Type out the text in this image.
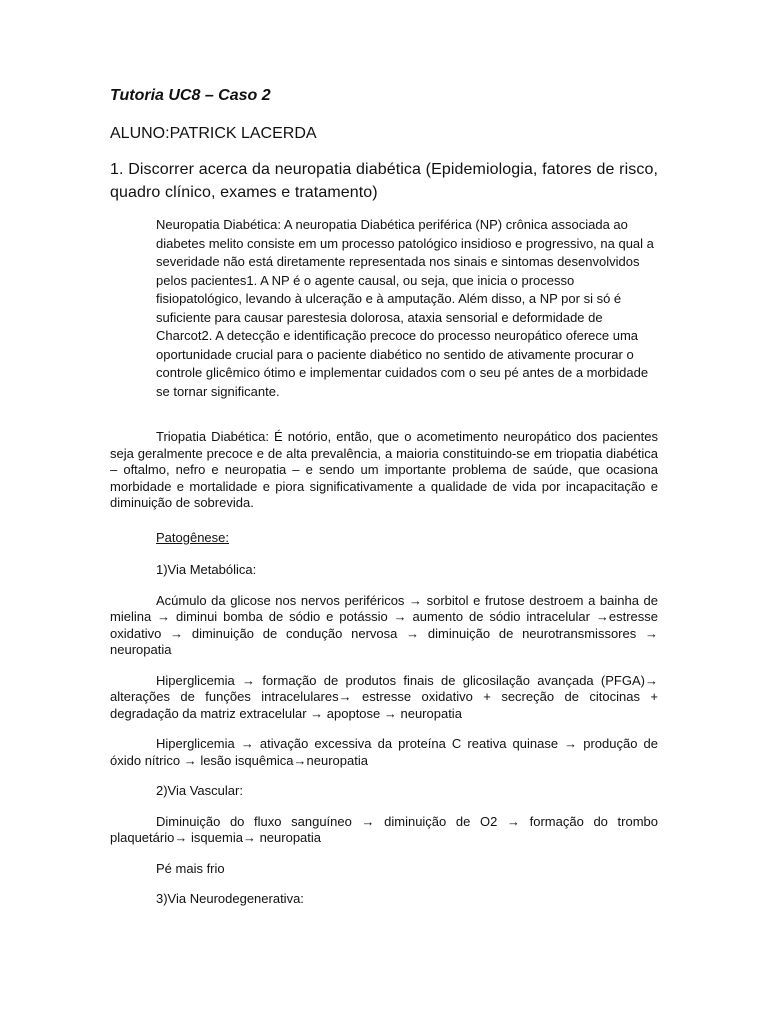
Tutoria UC8 – Caso 2

ALUNO:PATRICK LACERDA

1. Discorrer acerca da neuropatia diabética (Epidemiologia, fatores de risco, quadro clínico, exames e tratamento)

Neuropatia Diabética: A neuropatia Diabética periférica (NP) crônica associada ao diabetes melito consiste em um processo patológico insidioso e progressivo, na qual a severidade não está diretamente representada nos sinais e sintomas desenvolvidos pelos pacientes1. A NP é o agente causal, ou seja, que inicia o processo fisiopatológico, levando à ulceração e à amputação. Além disso, a NP por si só é suficiente para causar parestesia dolorosa, ataxia sensorial e deformidade de Charcot2. A detecção e identificação precoce do processo neuropático oferece uma oportunidade crucial para o paciente diabético no sentido de ativamente procurar o controle glicêmico ótimo e implementar cuidados com o seu pé antes de a morbidade se tornar significante.

Triopatia Diabética: É notório, então, que o acometimento neuropático dos pacientes seja geralmente precoce e de alta prevalência, a maioria constituindo-se em triopatia diabética – oftalmo, nefro e neuropatia – e sendo um importante problema de saúde, que ocasiona morbidade e mortalidade e piora significativamente a qualidade de vida por incapacitação e diminuição de sobrevida.

Patogênese:

1)Via Metabólica:

Acúmulo da glicose nos nervos periféricos → sorbitol e frutose destroem a bainha de mielina → diminui bomba de sódio e potássio → aumento de sódio intracelular →estresse oxidativo → diminuição de condução nervosa → diminuição de neurotransmissores → neuropatia

Hiperglicemia → formação de produtos finais de glicosilação avançada (PFGA)→ alterações de funções intracelulares→ estresse oxidativo + secreção de citocinas + degradação da matriz extracelular → apoptose → neuropatia

Hiperglicemia → ativação excessiva da proteína C reativa quinase → produção de óxido nítrico → lesão isquêmica→neuropatia

2)Via Vascular:

Diminuição do fluxo sanguíneo → diminuição de O2 → formação do trombo plaquetário→ isquemia→ neuropatia

Pé mais frio

3)Via Neurodegenerativa:
